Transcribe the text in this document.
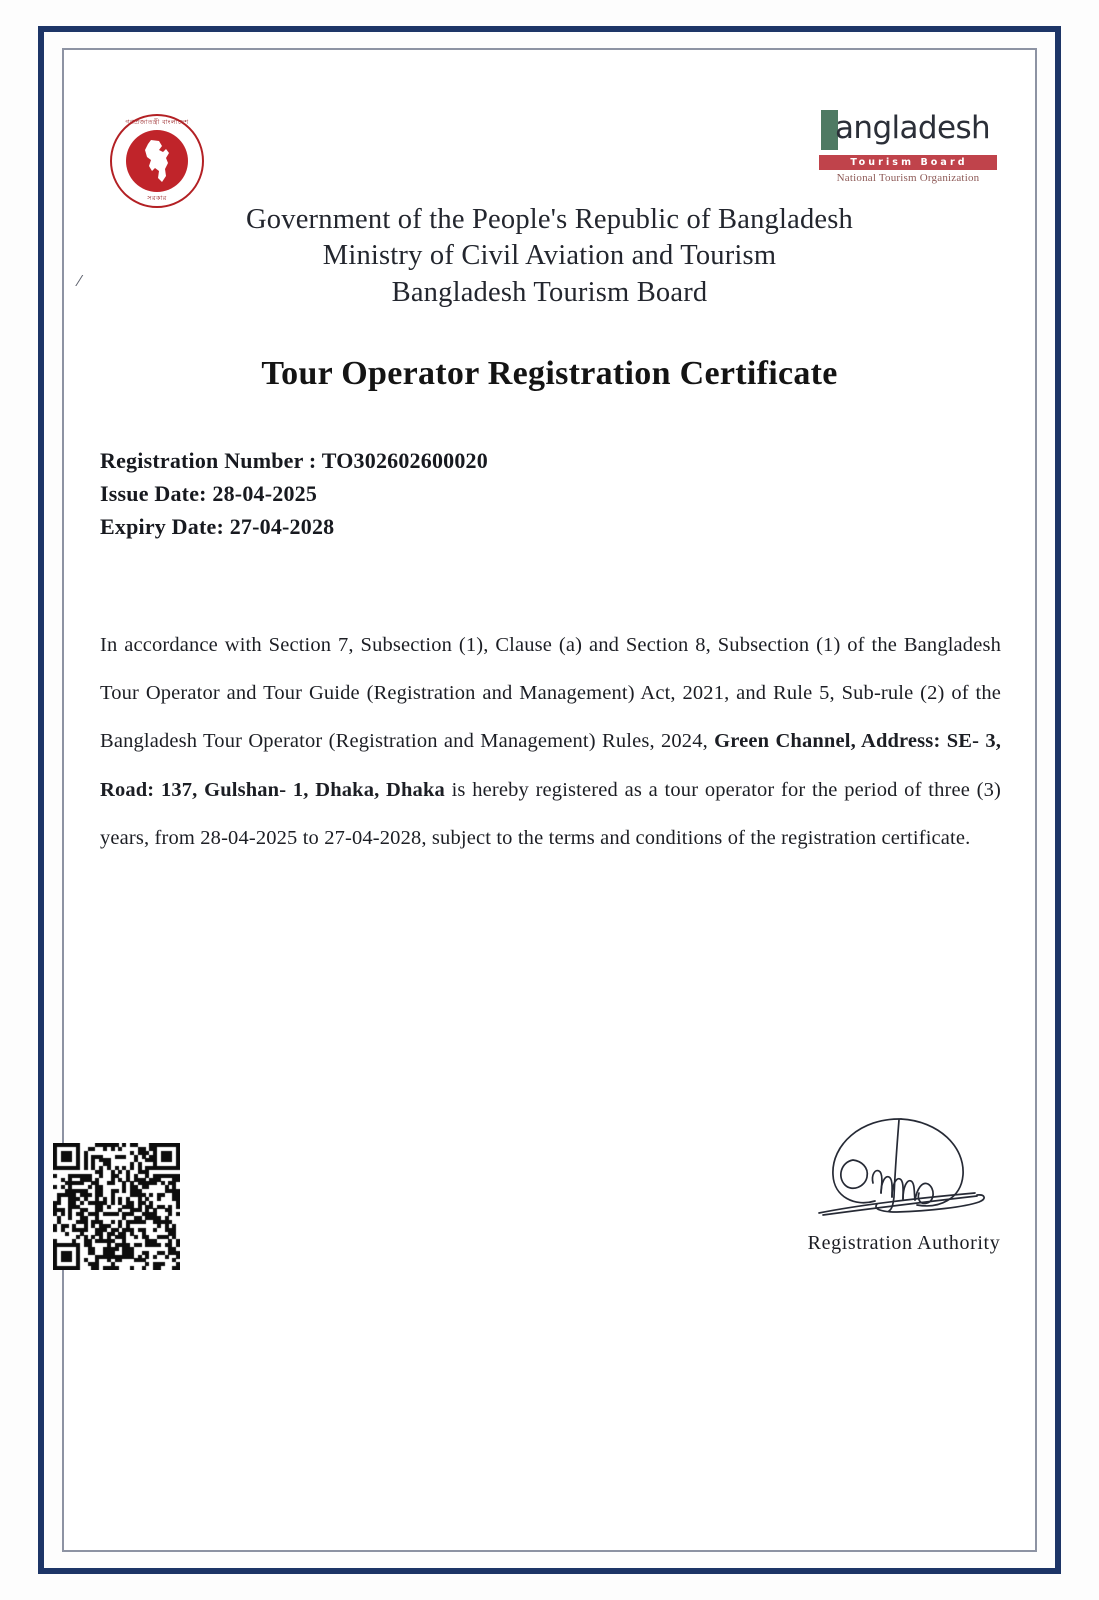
গণপ্রজাতন্ত্রী বাংলাদেশ
সরকার
angladesh
Tourism Board
National Tourism Organization
Government of the People's Republic of Bangladesh
Ministry of Civil Aviation and Tourism
Bangladesh Tourism Board
Tour Operator Registration Certificate
Registration Number : TO302602600020
Issue Date: 28-04-2025
Expiry Date: 27-04-2028
In accordance with Section 7, Subsection (1), Clause (a) and Section 8, Subsection (1) of the Bangladesh Tour Operator and Tour Guide (Registration and Management) Act, 2021, and Rule 5, Sub-rule (2) of the Bangladesh Tour Operator (Registration and Management) Rules, 2024, Green Channel, Address: SE- 3, Road: 137, Gulshan- 1, Dhaka, Dhaka is hereby registered as a tour operator for the period of three (3) years, from 28-04-2025 to 27-04-2028, subject to the terms and conditions of the registration certificate.
⁄
Registration Authority
